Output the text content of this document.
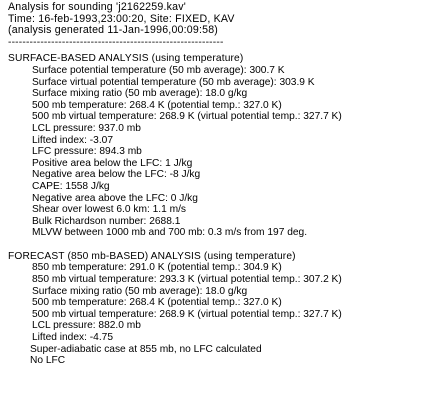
Analysis for sounding 'j2162259.kav'
Time: 16-feb-1993,23:00:20, Site: FIXED, KAV
(analysis generated 11-Jan-1996,00:09:58)
------------------------------------------------------------
SURFACE-BASED ANALYSIS (using temperature)
Surface potential temperature (50 mb average): 300.7 K
Surface virtual potential temperature (50 mb average): 303.9 K
Surface mixing ratio (50 mb average): 18.0 g/kg
500 mb temperature: 268.4 K (potential temp.: 327.0 K)
500 mb virtual temperature: 268.9 K (virtual potential temp.: 327.7 K)
LCL pressure: 937.0 mb
Lifted index: -3.07
LFC pressure: 894.3 mb
Positive area below the LFC: 1 J/kg
Negative area below the LFC: -8 J/kg
CAPE: 1558 J/kg
Negative area above the LFC: 0 J/kg
Shear over lowest 6.0 km: 1.1 m/s
Bulk Richardson number: 2688.1
MLVW between 1000 mb and 700 mb: 0.3 m/s from 197 deg.
FORECAST (850 mb-BASED) ANALYSIS (using temperature)
850 mb temperature: 291.0 K (potential temp.: 304.9 K)
850 mb virtual temperature: 293.3 K (virtual potential temp.: 307.2 K)
Surface mixing ratio (50 mb average): 18.0 g/kg
500 mb temperature: 268.4 K (potential temp.: 327.0 K)
500 mb virtual temperature: 268.9 K (virtual potential temp.: 327.7 K)
LCL pressure: 882.0 mb
Lifted index: -4.75
Super-adiabatic case at 855 mb, no LFC calculated
No LFC
